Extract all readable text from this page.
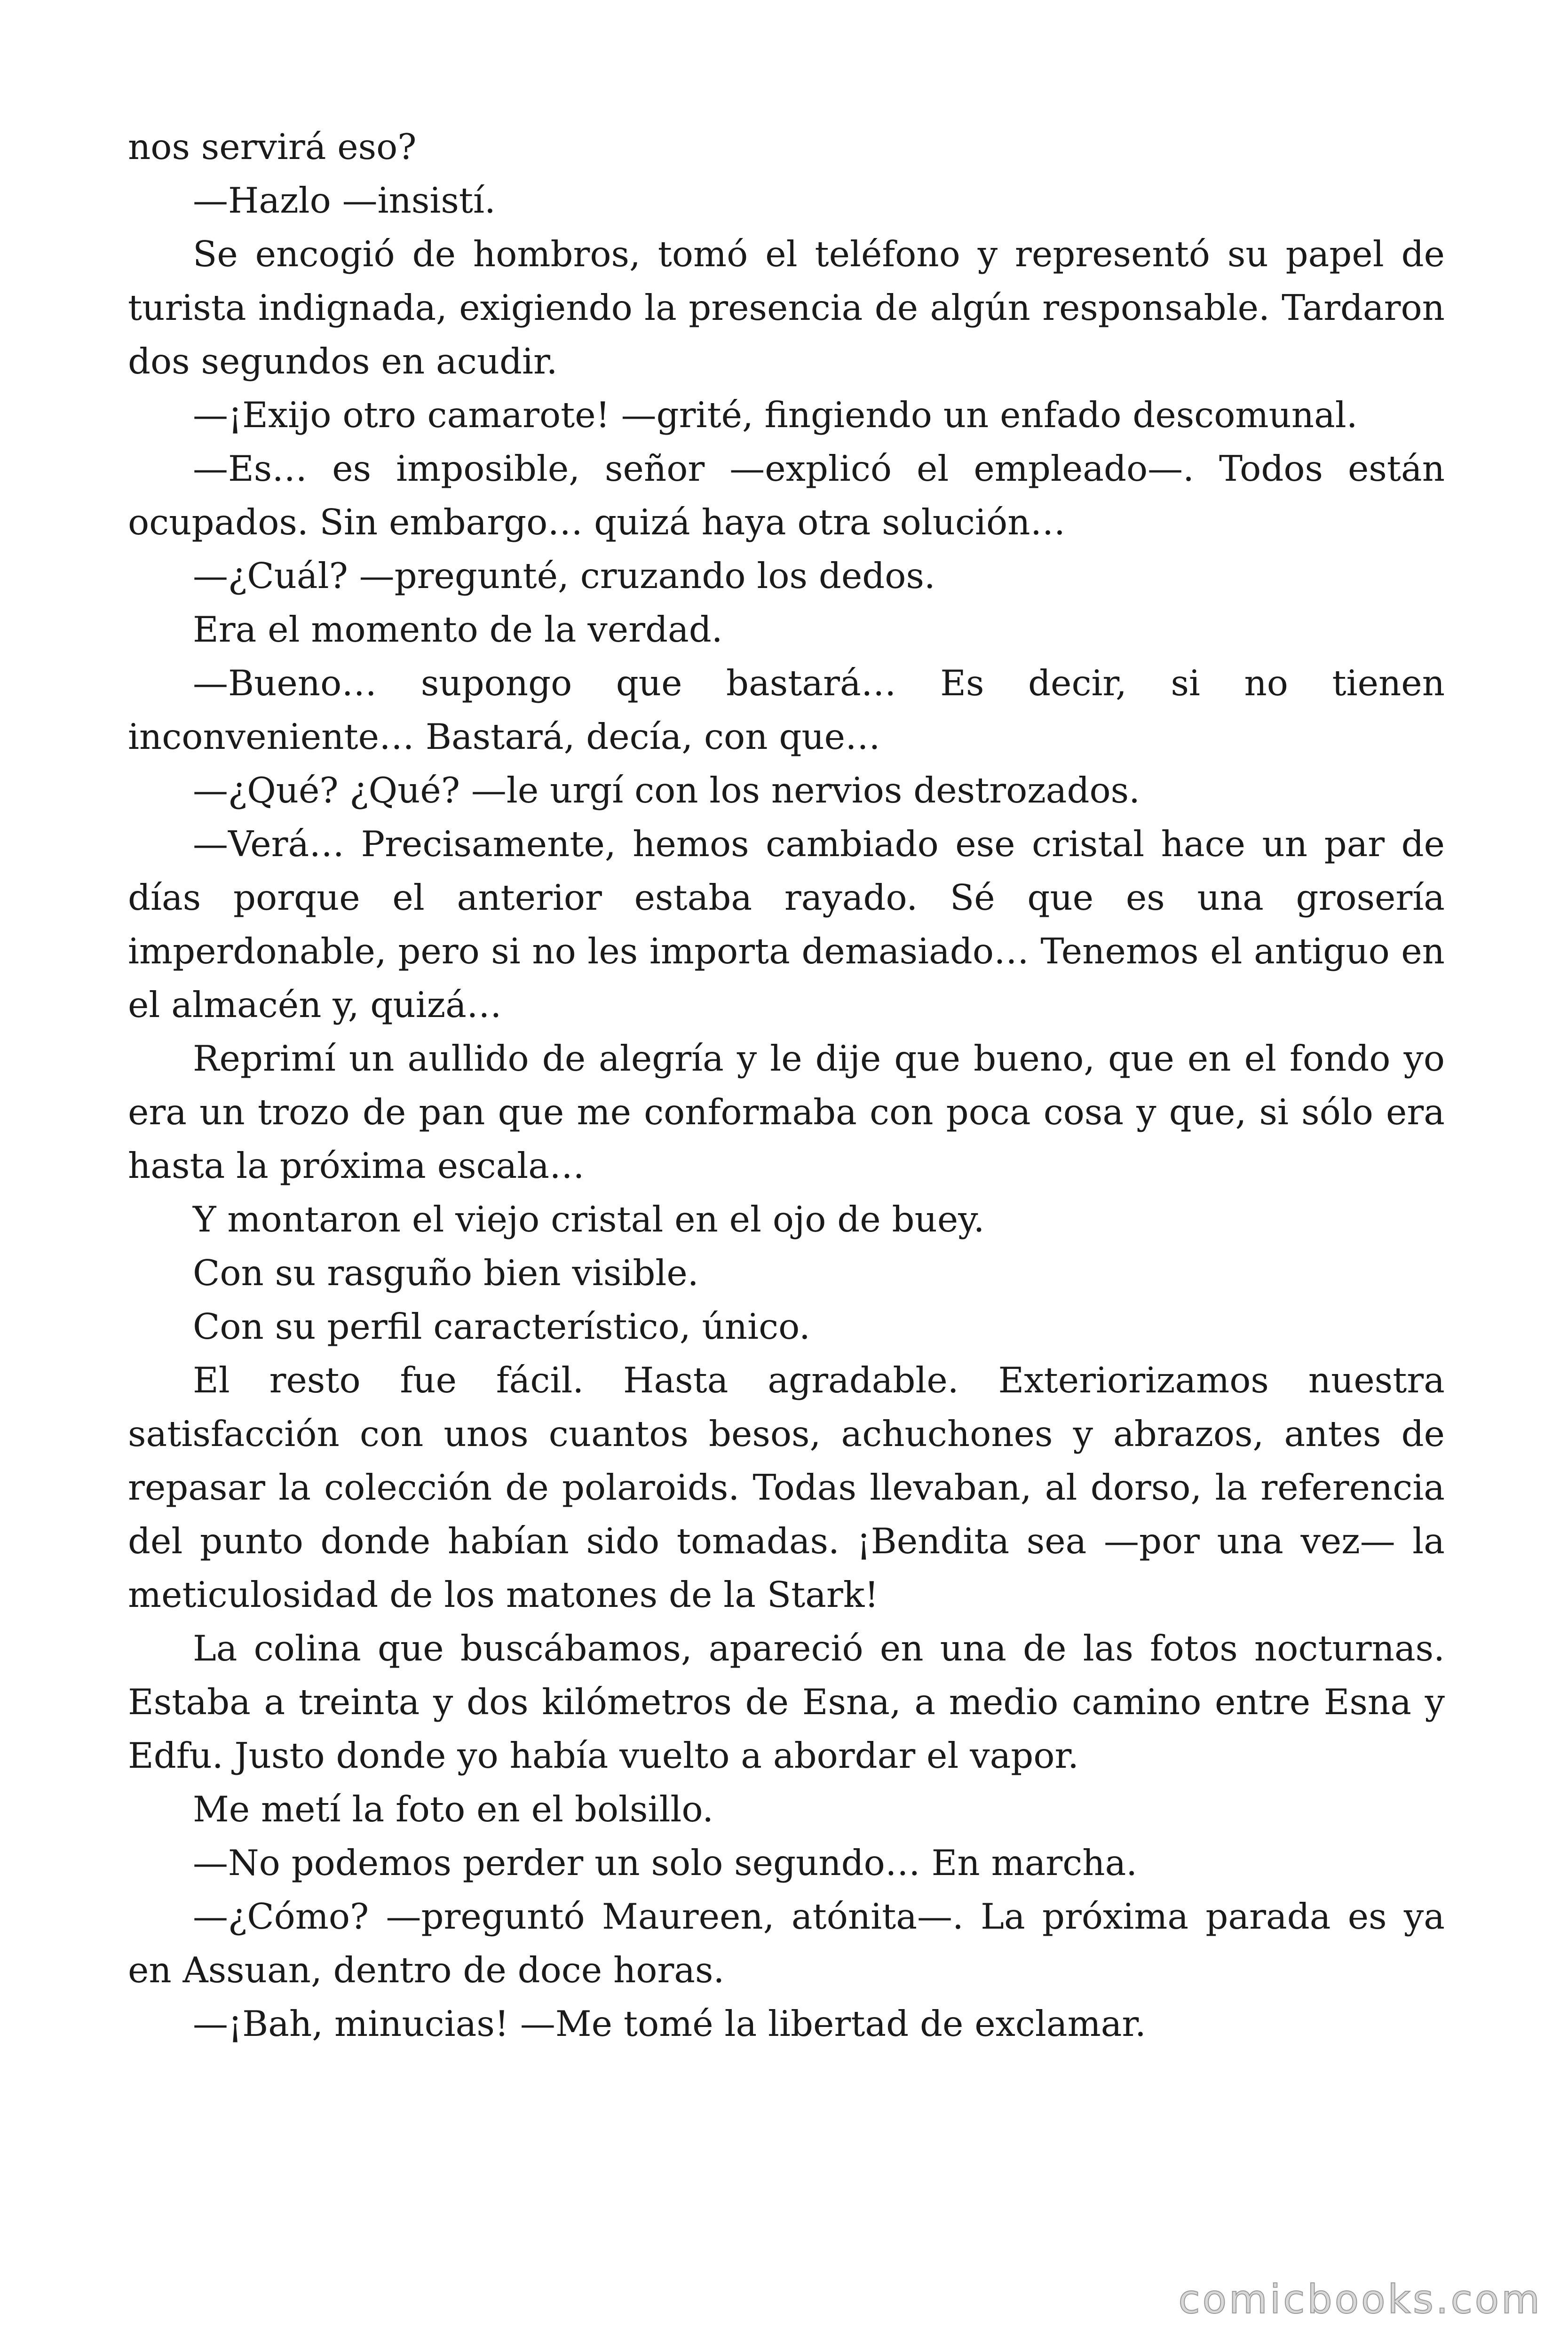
nos servirá eso?

—Hazlo —insistí.

Se encogió de hombros, tomó el teléfono y representó su papel de turista indignada, exigiendo la presencia de algún responsable. Tardaron dos segundos en acudir.

—¡Exijo otro camarote! —grité, fingiendo un enfado descomunal.

—Es… es imposible, señor —explicó el empleado—. Todos están ocupados. Sin embargo… quizá haya otra solución…

—¿Cuál? —pregunté, cruzando los dedos.

Era el momento de la verdad.

—Bueno… supongo que bastará… Es decir, si no tienen inconveniente… Bastará, decía, con que…

—¿Qué? ¿Qué? —le urgí con los nervios destrozados.

—Verá… Precisamente, hemos cambiado ese cristal hace un par de días porque el anterior estaba rayado. Sé que es una grosería imperdonable, pero si no les importa demasiado… Tenemos el antiguo en el almacén y, quizá…

Reprimí un aullido de alegría y le dije que bueno, que en el fondo yo era un trozo de pan que me conformaba con poca cosa y que, si sólo era hasta la próxima escala…

Y montaron el viejo cristal en el ojo de buey.

Con su rasguño bien visible.

Con su perfil característico, único.

El resto fue fácil. Hasta agradable. Exteriorizamos nuestra satisfacción con unos cuantos besos, achuchones y abrazos, antes de repasar la colección de polaroids. Todas llevaban, al dorso, la referencia del punto donde habían sido tomadas. ¡Bendita sea —por una vez— la meticulosidad de los matones de la Stark!

La colina que buscábamos, apareció en una de las fotos nocturnas. Estaba a treinta y dos kilómetros de Esna, a medio camino entre Esna y Edfu. Justo donde yo había vuelto a abordar el vapor.

Me metí la foto en el bolsillo.

—No podemos perder un solo segundo… En marcha.

—¿Cómo? —preguntó Maureen, atónita—. La próxima parada es ya en Assuan, dentro de doce horas.

—¡Bah, minucias! —Me tomé la libertad de exclamar.

comicbooks.com
